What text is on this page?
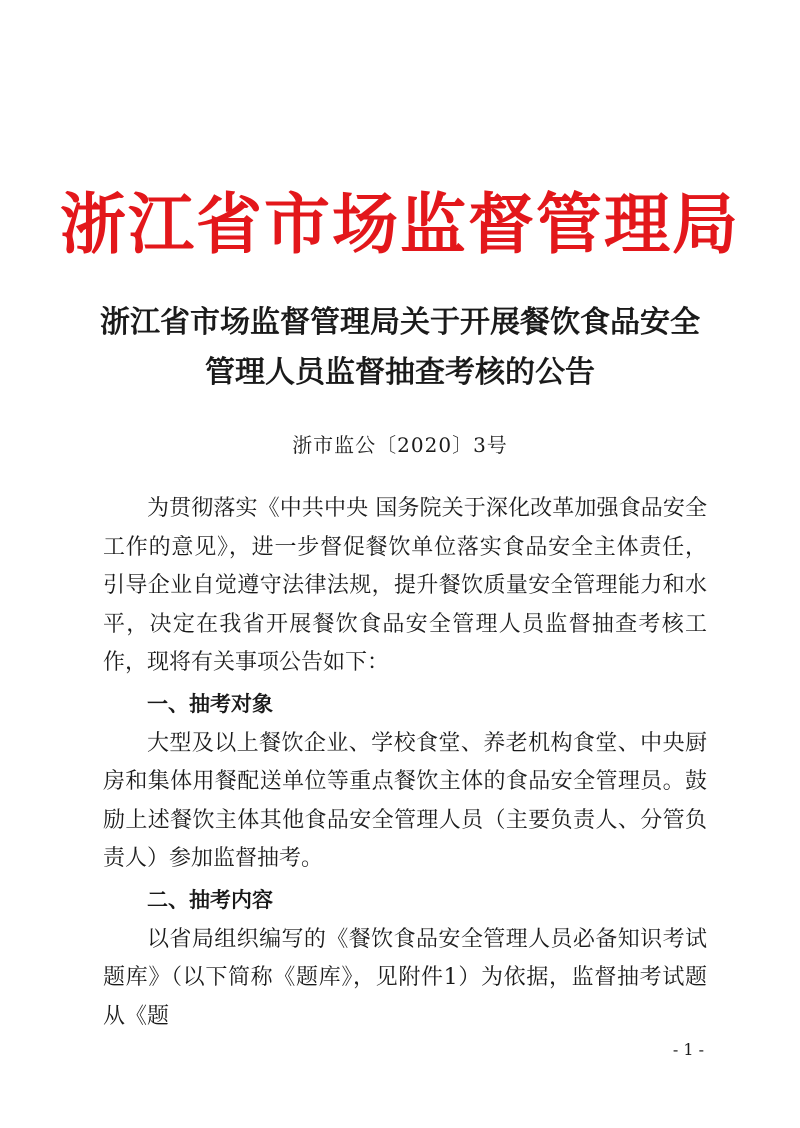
浙江省市场监督管理局
浙江省市场监督管理局关于开展餐饮食品安全
管理人员监督抽查考核的公告
浙市监公〔2020〕3号

为贯彻落实《中共中央 国务院关于深化改革加强食品安全工作的意见》，进一步督促餐饮单位落实食品安全主体责任，引导企业自觉遵守法律法规，提升餐饮质量安全管理能力和水平，决定在我省开展餐饮食品安全管理人员监督抽查考核工作，现将有关事项公告如下：

一、抽考对象

大型及以上餐饮企业、学校食堂、养老机构食堂、中央厨房和集体用餐配送单位等重点餐饮主体的食品安全管理员。鼓励上述餐饮主体其他食品安全管理人员（主要负责人、分管负责人）参加监督抽考。

二、抽考内容

以省局组织编写的《餐饮食品安全管理人员必备知识考试题库》（以下简称《题库》，见附件1）为依据，监督抽考试题从《题

- 1 -
